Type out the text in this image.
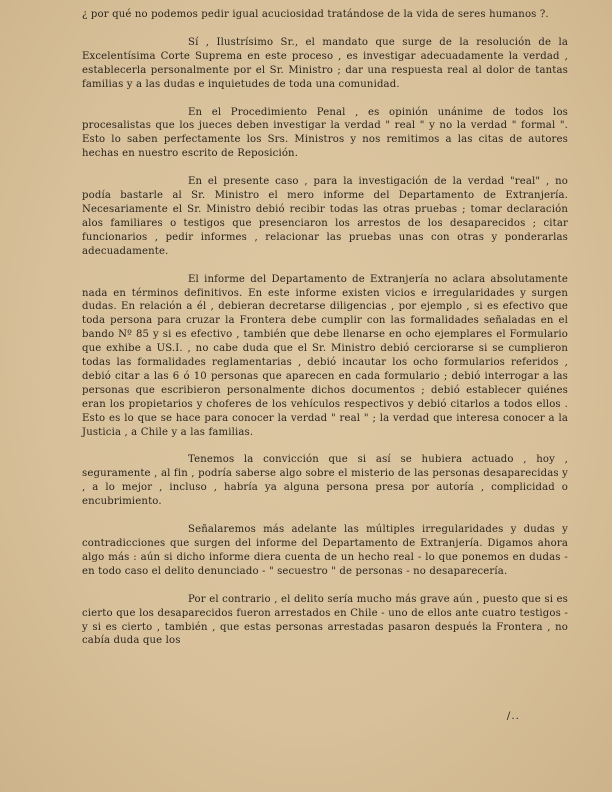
¿ por qué no podemos pedir igual acuciosidad tratándose de la vida de seres humanos ?.

Sí , Ilustrísimo Sr., el mandato que surge de la resolución de la Excelentísima Corte Suprema en este proceso , es investigar adecuadamente la verdad , establecerla personalmente por el Sr. Ministro ; dar una respuesta real al dolor de tantas familias y a las dudas e inquietudes de toda una comunidad.

En el Procedimiento Penal , es opinión unánime de todos los procesalistas que los jueces deben investigar la verdad " real " y no la verdad " formal ". Esto lo saben perfectamente los Srs. Ministros y nos remitimos a las citas de autores hechas en nuestro escrito de Reposición.

En el presente caso , para la investigación de la verdad "real" , no podía bastarle al Sr. Ministro el mero informe del Departamento de Extranjería. Necesariamente el Sr. Ministro debió recibir todas las otras pruebas ; tomar declaración alos familiares o testigos que presenciaron los arrestos de los desaparecidos ; citar funcionarios , pedir informes , relacionar las pruebas unas con otras y ponderarlas adecuadamente.

El informe del Departamento de Extranjería no aclara absolutamente nada en términos definitivos. En este informe existen vicios e irregularidades y surgen dudas. En relación a él , debieran decretarse diligencias , por ejemplo , si es efectivo que toda persona para cruzar la Frontera debe cumplir con las formalidades señaladas en el bando Nº 85 y si es efectivo , también que debe llenarse en ocho ejemplares el Formulario que exhibe a US.I. , no cabe duda que el Sr. Ministro debió cerciorarse si se cumplieron todas las formalidades reglamentarias , debió incautar los ocho formularios referidos , debió citar a las 6 ó 10 personas que aparecen en cada formulario ; debió interrogar a las personas que escribieron personalmente dichos documentos ; debió establecer quiénes eran los propietarios y choferes de los vehículos respectivos y debió citarlos a todos ellos . Esto es lo que se hace para conocer la verdad " real " ; la verdad que interesa conocer a la Justicia , a Chile y a las familias.

Tenemos la convicción que si así se hubiera actuado , hoy , seguramente , al fin , podría saberse algo sobre el misterio de las personas desaparecidas y , a lo mejor , incluso , habría ya alguna persona presa por autoría , complicidad o encubrimiento.

Señalaremos más adelante las múltiples irregularidades y dudas y contradicciones que surgen del informe del Departamento de Extranjería. Digamos ahora algo más : aún si dicho informe diera cuenta de un hecho real - lo que ponemos en dudas - en todo caso el delito denunciado - " secuestro " de personas - no desaparecería.

Por el contrario , el delito sería mucho más grave aún , puesto que si es cierto que los desaparecidos fueron arrestados en Chile - uno de ellos ante cuatro testigos - y si es cierto , también , que estas personas arrestadas pasaron después la Frontera , no cabía duda que los

/..
